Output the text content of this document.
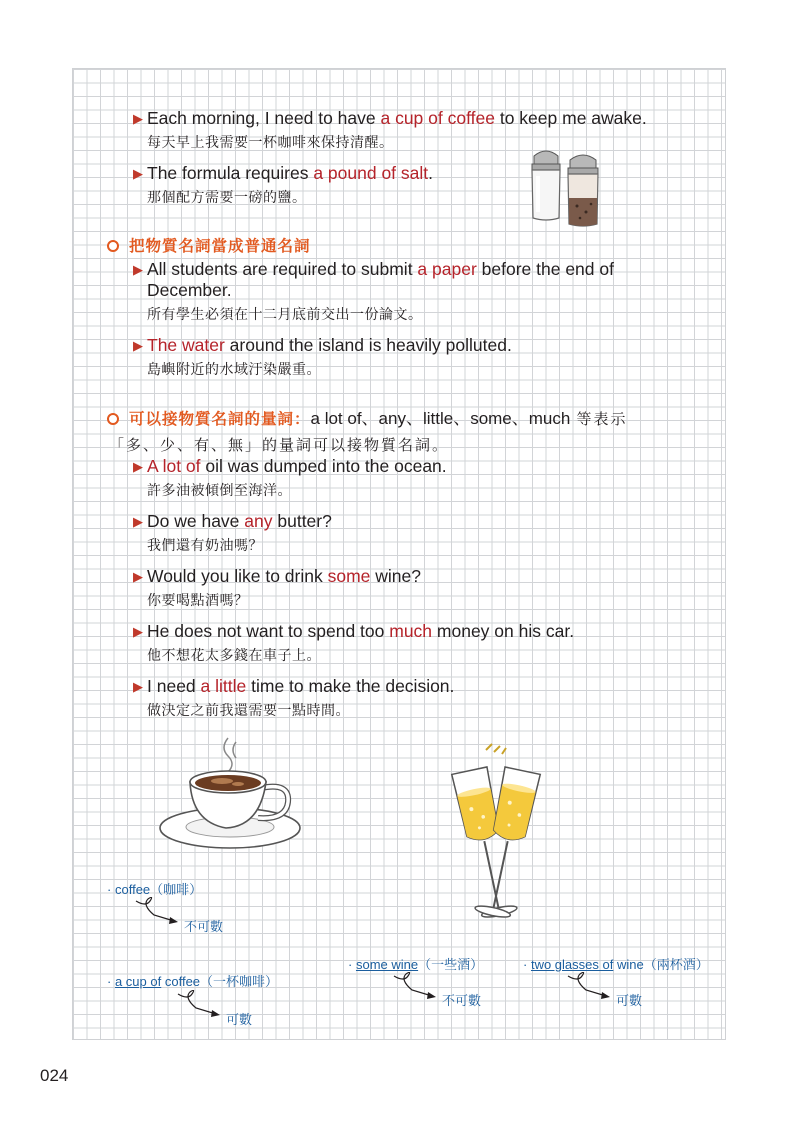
▶ Each morning, I need to have a cup of coffee to keep me awake.
每天早上我需要一杯咖啡來保持清醒。
▶ The formula requires a pound of salt.
那個配方需要一磅的鹽。
把物質名詞當成普通名詞
▶ All students are required to submit a paper before the end of
December.
所有學生必須在十二月底前交出一份論文。
▶ The water around the island is heavily polluted.
島嶼附近的水域汙染嚴重。
可以接物質名詞的量詞：a lot of、any、little、some、much 等表示
「多、少、有、無」的量詞可以接物質名詞。
▶ A lot of oil was dumped into the ocean.
許多油被傾倒至海洋。
▶ Do we have any butter?
我們還有奶油嗎？
▶ Would you like to drink some wine?
你要喝點酒嗎？
▶ He does not want to spend too much money on his car.
他不想花太多錢在車子上。
▶ I need a little time to make the decision.
做決定之前我還需要一點時間。
· coffee（咖啡）
不可數
· a cup of coffee（一杯咖啡）
可數
· some wine（一些酒）
不可數
· two glasses of wine（兩杯酒）
可數
024
